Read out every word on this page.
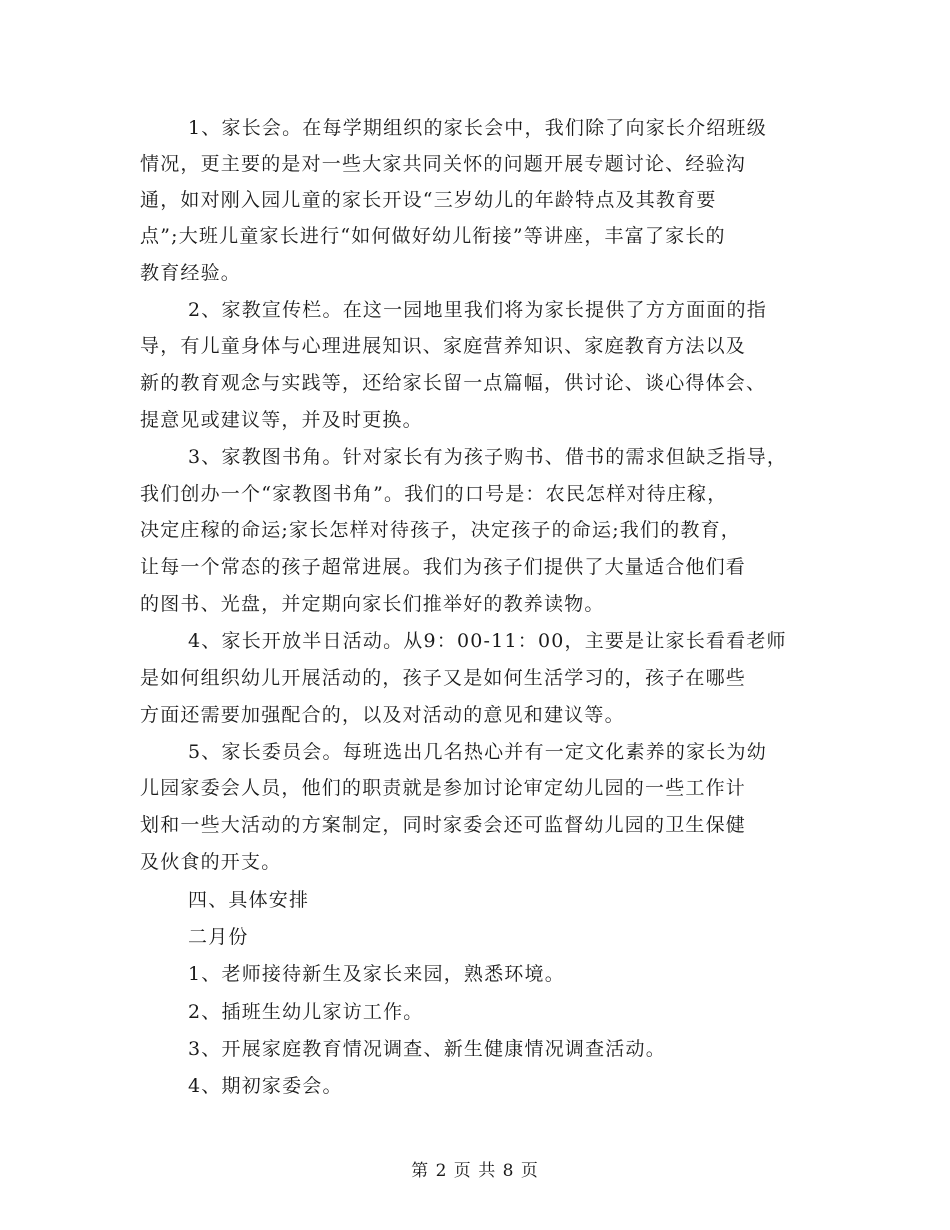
1、家长会。在每学期组织的家长会中，我们除了向家长介绍班级
情况，更主要的是对一些大家共同关怀的问题开展专题讨论、经验沟
通，如对刚入园儿童的家长开设“三岁幼儿的年龄特点及其教育要
点”;大班儿童家长进行“如何做好幼儿衔接”等讲座，丰富了家长的
教育经验。
2、家教宣传栏。在这一园地里我们将为家长提供了方方面面的指
导，有儿童身体与心理进展知识、家庭营养知识、家庭教育方法以及
新的教育观念与实践等，还给家长留一点篇幅，供讨论、谈心得体会、
提意见或建议等，并及时更换。
3、家教图书角。针对家长有为孩子购书、借书的需求但缺乏指导，
我们创办一个“家教图书角”。我们的口号是：农民怎样对待庄稼，
决定庄稼的命运;家长怎样对待孩子，决定孩子的命运;我们的教育，
让每一个常态的孩子超常进展。我们为孩子们提供了大量适合他们看
的图书、光盘，并定期向家长们推举好的教养读物。
4、家长开放半日活动。从9：00-11：00，主要是让家长看看老师
是如何组织幼儿开展活动的，孩子又是如何生活学习的，孩子在哪些
方面还需要加强配合的，以及对活动的意见和建议等。
5、家长委员会。每班选出几名热心并有一定文化素养的家长为幼
儿园家委会人员，他们的职责就是参加讨论审定幼儿园的一些工作计
划和一些大活动的方案制定，同时家委会还可监督幼儿园的卫生保健
及伙食的开支。
四、具体安排
二月份
1、老师接待新生及家长来园，熟悉环境。
2、插班生幼儿家访工作。
3、开展家庭教育情况调查、新生健康情况调查活动。
4、期初家委会。
第 2 页 共 8 页
